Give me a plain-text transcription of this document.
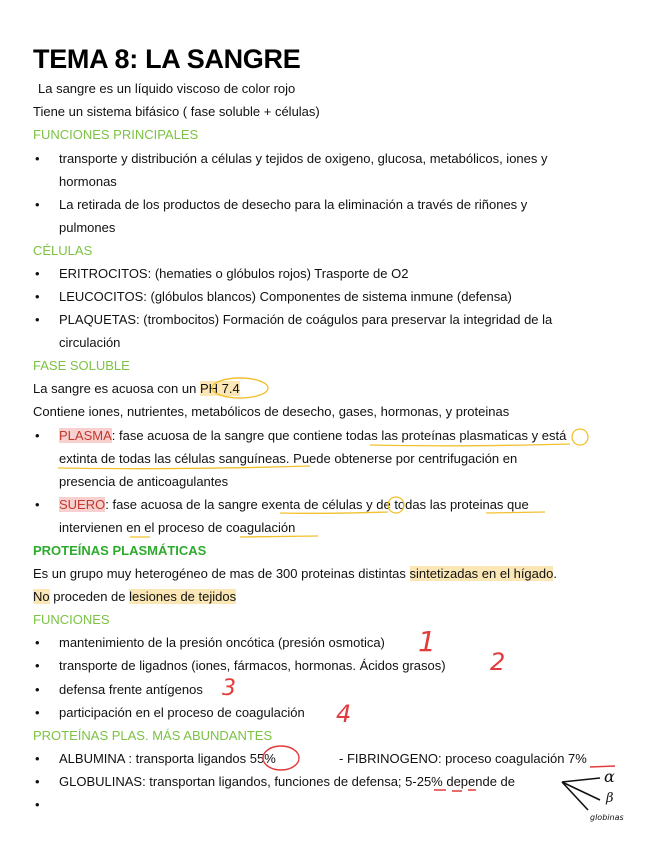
TEMA 8: LA SANGRE
La sangre es un líquido viscoso de color rojo
Tiene un sistema bifásico ( fase soluble + células)
FUNCIONES PRINCIPALES
• transporte y distribución a células y tejidos de oxigeno, glucosa, metabólicos, iones y
hormonas
• La retirada de los productos de desecho para la eliminación a través de riñones y
pulmones
CÉLULAS
• ERITROCITOS: (hematies o glóbulos rojos) Trasporte de O2
• LEUCOCITOS: (glóbulos blancos) Componentes de sistema inmune (defensa)
• PLAQUETAS: (trombocitos) Formación de coágulos para preservar la integridad de la
circulación
FASE SOLUBLE
La sangre es acuosa con un PH 7.4
Contiene iones, nutrientes, metabólicos de desecho, gases, hormonas, y proteinas
• PLASMA: fase acuosa de la sangre que contiene todas las proteínas plasmaticas y está
extinta de todas las células sanguíneas. Puede obtenerse por centrifugación en
presencia de anticoagulantes
• SUERO: fase acuosa de la sangre exenta de células y de todas las proteinas que
intervienen en el proceso de coagulación
PROTEÍNAS PLASMÁTICAS
Es un grupo muy heterogéneo de mas de 300 proteinas distintas sintetizadas en el hígado.
No proceden de lesiones de tejidos
FUNCIONES
• mantenimiento de la presión oncótica (presión osmotica)
• transporte de ligadnos (iones, fármacos, hormonas. Ácidos grasos)
• defensa frente antígenos
• participación en el proceso de coagulación
PROTEÍNAS PLAS. MÁS ABUNDANTES
• ALBUMINA : transporta ligandos 55%	- FIBRINOGENO: proceso coagulación 7%
• GLOBULINAS: transportan ligandos, funciones de defensa; 5-25% depende de
•
1
2
3
4
α
β
globinas
